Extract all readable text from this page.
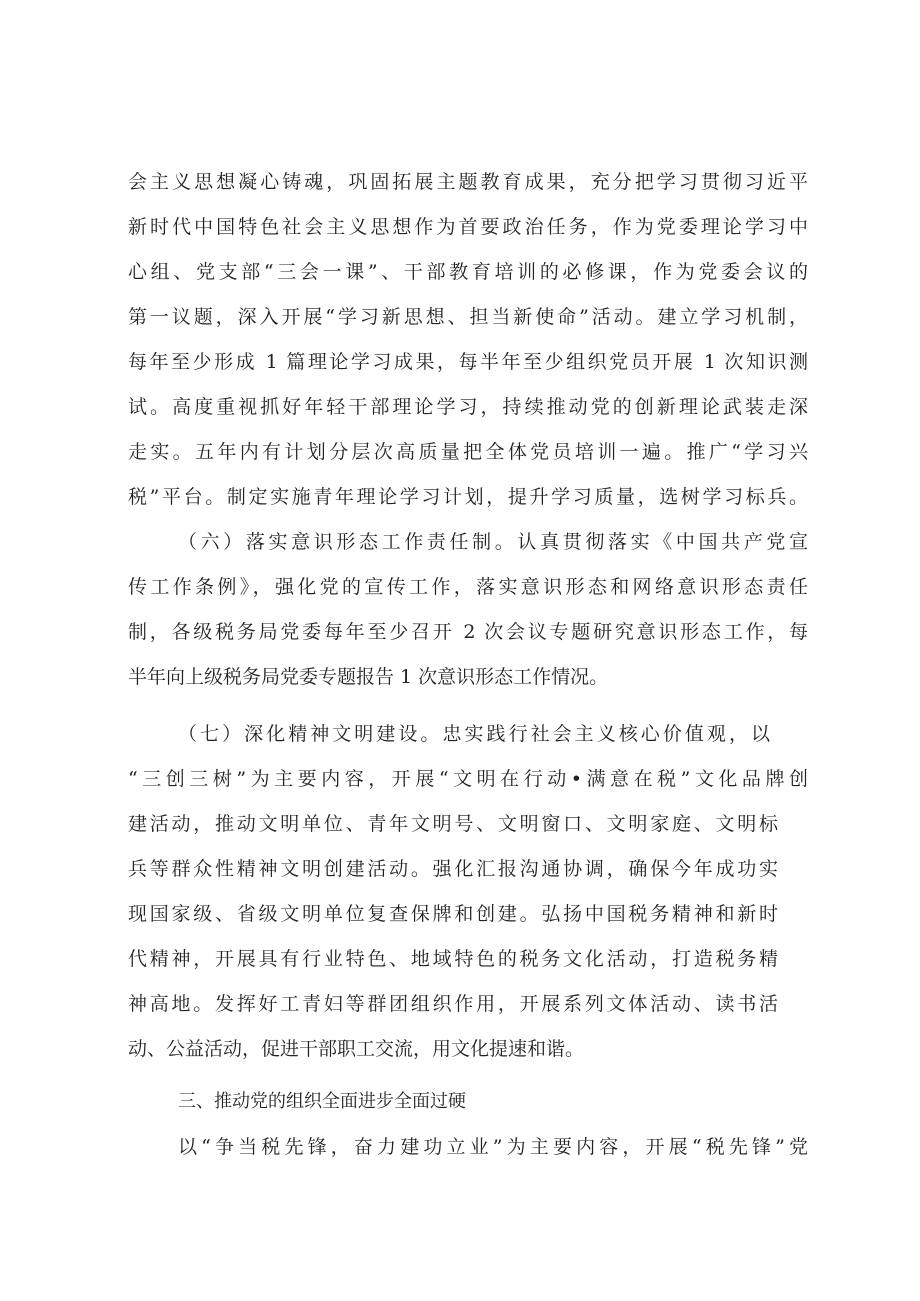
会主义思想凝心铸魂，巩固拓展主题教育成果，充分把学习贯彻习近平
新时代中国特色社会主义思想作为首要政治任务，作为党委理论学习中
心组、党支部“三会一课”、干部教育培训的必修课，作为党委会议的
第一议题，深入开展“学习新思想、担当新使命”活动。建立学习机制，
每年至少形成 1 篇理论学习成果，每半年至少组织党员开展 1 次知识测
试。高度重视抓好年轻干部理论学习，持续推动党的创新理论武装走深
走实。五年内有计划分层次高质量把全体党员培训一遍。推广“学习兴
税”平台。制定实施青年理论学习计划，提升学习质量，选树学习标兵。
（六）落实意识形态工作责任制。认真贯彻落实《中国共产党宣
传工作条例》，强化党的宣传工作，落实意识形态和网络意识形态责任
制，各级税务局党委每年至少召开 2 次会议专题研究意识形态工作，每
半年向上级税务局党委专题报告 1 次意识形态工作情况。
（七）深化精神文明建设。忠实践行社会主义核心价值观，以
“三创三树”为主要内容，开展“文明在行动•满意在税”文化品牌创
建活动，推动文明单位、青年文明号、文明窗口、文明家庭、文明标
兵等群众性精神文明创建活动。强化汇报沟通协调，确保今年成功实
现国家级、省级文明单位复查保牌和创建。弘扬中国税务精神和新时
代精神，开展具有行业特色、地域特色的税务文化活动，打造税务精
神高地。发挥好工青妇等群团组织作用，开展系列文体活动、读书活
动、公益活动，促进干部职工交流，用文化提速和谐。
三、推动党的组织全面进步全面过硬
以“争当税先锋，奋力建功立业”为主要内容，开展“税先锋”党
